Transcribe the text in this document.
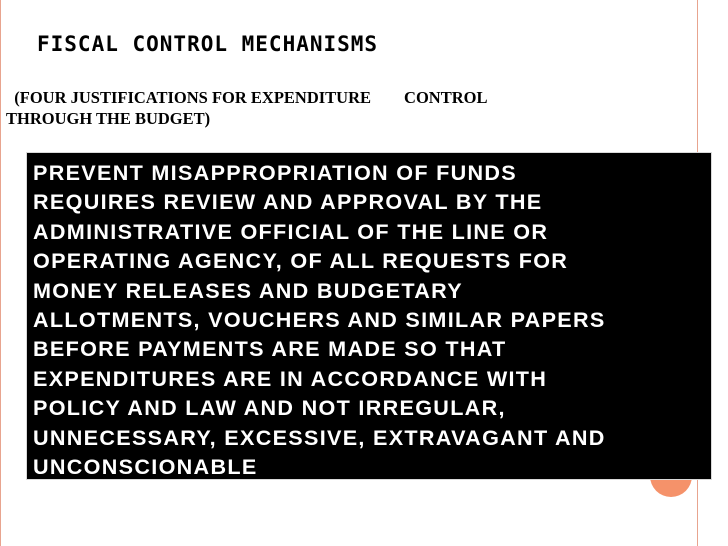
FISCAL CONTROL MECHANISMS
(FOUR JUSTIFICATIONS FOR EXPENDITURE        CONTROL
THROUGH THE BUDGET)

PREVENT MISAPPROPRIATION OF FUNDS
REQUIRES REVIEW AND APPROVAL BY THE
ADMINISTRATIVE OFFICIAL OF THE LINE OR
OPERATING AGENCY, OF ALL REQUESTS FOR
MONEY RELEASES AND BUDGETARY
ALLOTMENTS, VOUCHERS AND SIMILAR PAPERS
BEFORE PAYMENTS ARE MADE SO THAT
EXPENDITURES ARE IN ACCORDANCE WITH
POLICY AND LAW AND NOT IRREGULAR,
UNNECESSARY, EXCESSIVE, EXTRAVAGANT AND
UNCONSCIONABLE
